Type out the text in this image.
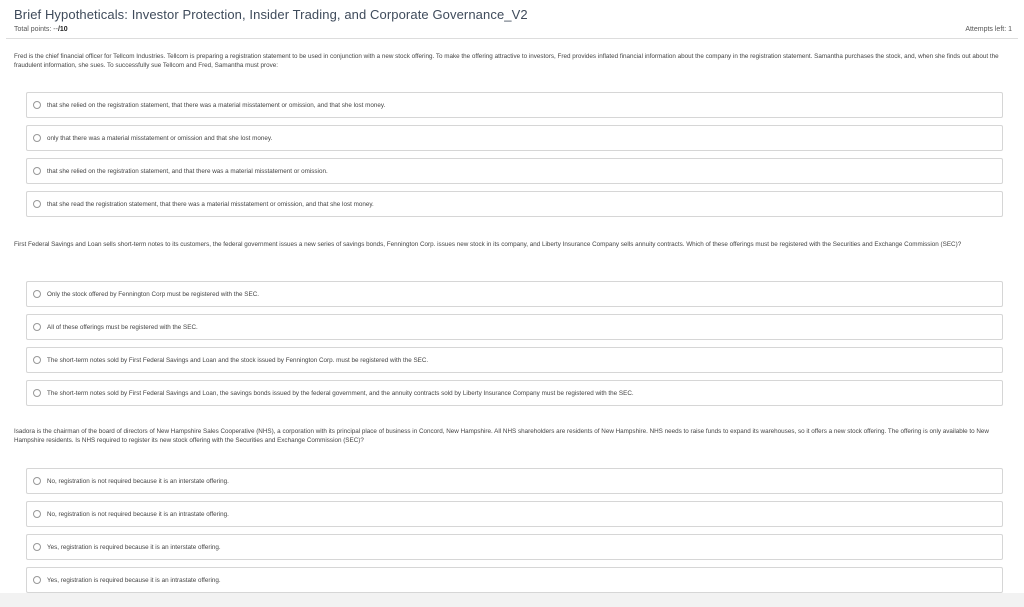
Brief Hypotheticals: Investor Protection, Insider Trading, and Corporate Governance_V2
Total points: --/10	Attempts left: 1
Fred is the chief financial officer for Tellcom Industries. Tellcom is preparing a registration statement to be used in conjunction with a new stock offering. To make the offering attractive to investors, Fred provides inflated financial information about the company in the registration statement. Samantha purchases the stock, and, when she finds out about the fraudulent information, she sues. To successfully sue Tellcom and Fred, Samantha must prove:
that she relied on the registration statement, that there was a material misstatement or omission, and that she lost money.
only that there was a material misstatement or omission and that she lost money.
that she relied on the registration statement, and that there was a material misstatement or omission.
that she read the registration statement, that there was a material misstatement or omission, and that she lost money.
First Federal Savings and Loan sells short-term notes to its customers, the federal government issues a new series of savings bonds, Fennington Corp. issues new stock in its company, and Liberty Insurance Company sells annuity contracts. Which of these offerings must be registered with the Securities and Exchange Commission (SEC)?
Only the stock offered by Fennington Corp must be registered with the SEC.
All of these offerings must be registered with the SEC.
The short-term notes sold by First Federal Savings and Loan and the stock issued by Fennington Corp. must be registered with the SEC.
The short-term notes sold by First Federal Savings and Loan, the savings bonds issued by the federal government, and the annuity contracts sold by Liberty Insurance Company must be registered with the SEC.
Isadora is the chairman of the board of directors of New Hampshire Sales Cooperative (NHS), a corporation with its principal place of business in Concord, New Hampshire. All NHS shareholders are residents of New Hampshire. NHS needs to raise funds to expand its warehouses, so it offers a new stock offering. The offering is only available to New Hampshire residents. Is NHS required to register its new stock offering with the Securities and Exchange Commission (SEC)?
No, registration is not required because it is an interstate offering.
No, registration is not required because it is an intrastate offering.
Yes, registration is required because it is an interstate offering.
Yes, registration is required because it is an intrastate offering.
